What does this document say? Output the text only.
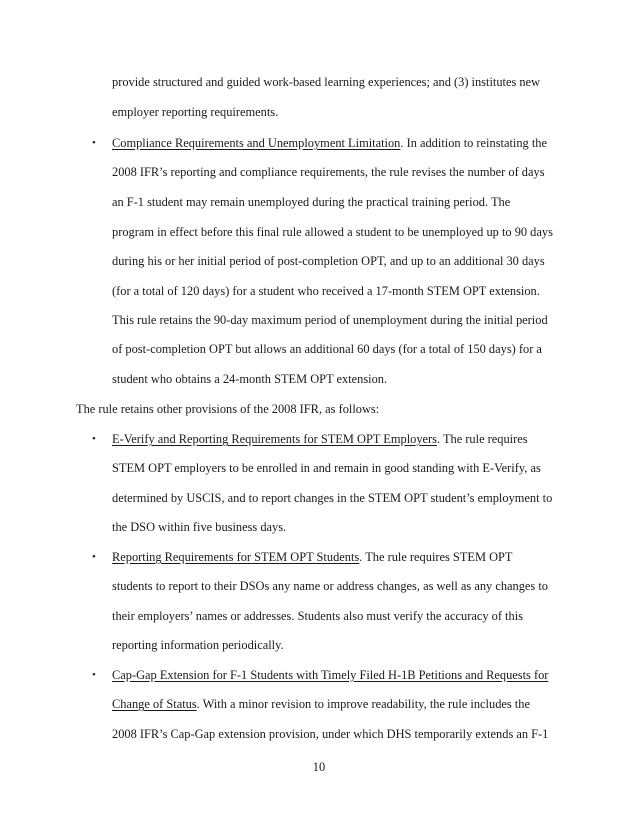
provide structured and guided work-based learning experiences; and (3) institutes new
employer reporting requirements.
• Compliance Requirements and Unemployment Limitation. In addition to reinstating the
2008 IFR’s reporting and compliance requirements, the rule revises the number of days
an F-1 student may remain unemployed during the practical training period. The
program in effect before this final rule allowed a student to be unemployed up to 90 days
during his or her initial period of post-completion OPT, and up to an additional 30 days
(for a total of 120 days) for a student who received a 17-month STEM OPT extension.
This rule retains the 90-day maximum period of unemployment during the initial period
of post-completion OPT but allows an additional 60 days (for a total of 150 days) for a
student who obtains a 24-month STEM OPT extension.
The rule retains other provisions of the 2008 IFR, as follows:
• E-Verify and Reporting Requirements for STEM OPT Employers. The rule requires
STEM OPT employers to be enrolled in and remain in good standing with E-Verify, as
determined by USCIS, and to report changes in the STEM OPT student’s employment to
the DSO within five business days.
• Reporting Requirements for STEM OPT Students. The rule requires STEM OPT
students to report to their DSOs any name or address changes, as well as any changes to
their employers’ names or addresses. Students also must verify the accuracy of this
reporting information periodically.
• Cap-Gap Extension for F-1 Students with Timely Filed H-1B Petitions and Requests for
Change of Status. With a minor revision to improve readability, the rule includes the
2008 IFR’s Cap-Gap extension provision, under which DHS temporarily extends an F-1
10
